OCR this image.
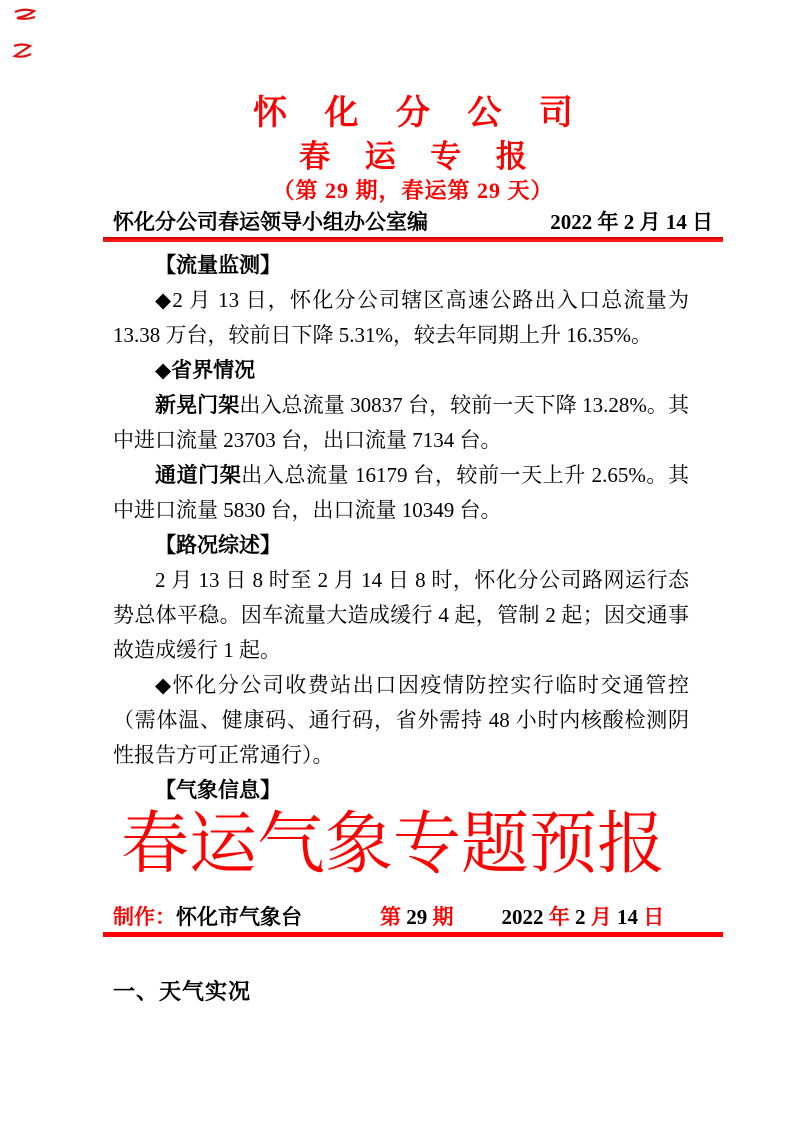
怀 化 分 公 司
春 运 专 报
（第 29 期，春运第 29 天）
怀化分公司春运领导小组办公室编	2022 年 2 月 14 日

【流量监测】

◆2 月 13 日，怀化分公司辖区高速公路出入口总流量为 13.38 万台，较前日下降 5.31%，较去年同期上升 16.35%。

◆省界情况

新晃门架出入总流量 30837 台，较前一天下降 13.28%。其中进口流量 23703 台，出口流量 7134 台。

通道门架出入总流量 16179 台，较前一天上升 2.65%。其中进口流量 5830 台，出口流量 10349 台。

【路况综述】

2 月 13 日 8 时至 2 月 14 日 8 时，怀化分公司路网运行态势总体平稳。因车流量大造成缓行 4 起，管制 2 起；因交通事故造成缓行 1 起。

◆怀化分公司收费站出口因疫情防控实行临时交通管控（需体温、健康码、通行码，省外需持 48 小时内核酸检测阴性报告方可正常通行）。

【气象信息】

春运气象专题预报
制作：怀化市气象台	第 29 期 2022 年 2 月 14 日
一、天气实况
